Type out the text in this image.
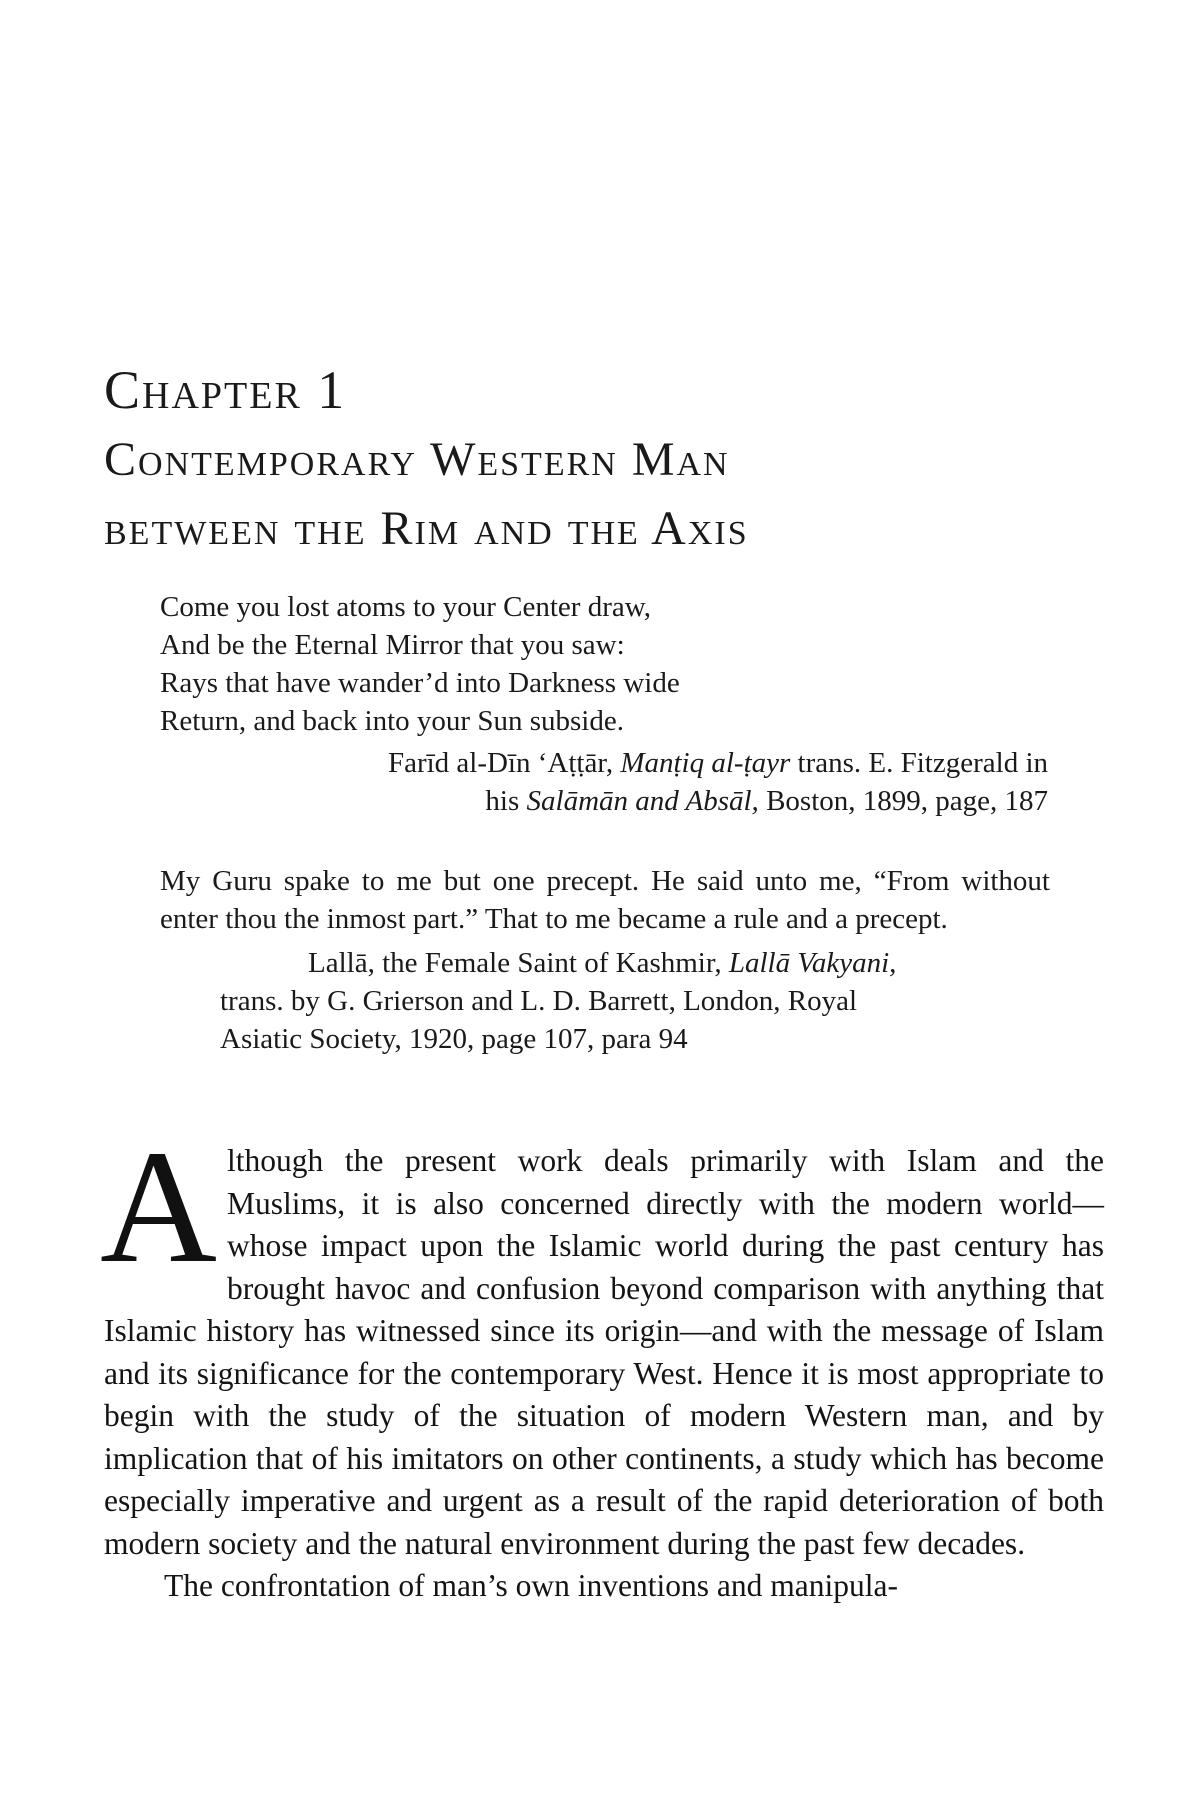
Chapter 1
Contemporary Western Man
between the Rim and the Axis
Come you lost atoms to your Center draw,
And be the Eternal Mirror that you saw:
Rays that have wander’d into Darkness wide
Return, and back into your Sun subside.
Farīd al-Dīn ‘Aṭṭār, Manṭiq al-ṭayr trans. E. Fitzgerald in
his Salāmān and Absāl, Boston, 1899, page, 187
My Guru spake to me but one precept. He said unto me, “From without enter thou the inmost part.” That to me became a rule and a precept.
Lallā, the Female Saint of Kashmir, Lallā Vakyani,
trans. by G. Grierson and L. D. Barrett, London, Royal
Asiatic Society, 1920, page 107, para 94

Although the present work deals primarily with Islam and the Muslims, it is also concerned directly with the modern world—whose impact upon the Islamic world during the past century has brought havoc and confusion beyond comparison with anything that Islamic history has witnessed since its origin—and with the message of Islam and its significance for the contemporary West. Hence it is most appropriate to begin with the study of the situation of modern Western man, and by implication that of his imitators on other continents, a study which has become especially imperative and urgent as a result of the rapid deterioration of both modern society and the natural environment during the past few decades.

The confrontation of man’s own inventions and manipula-
